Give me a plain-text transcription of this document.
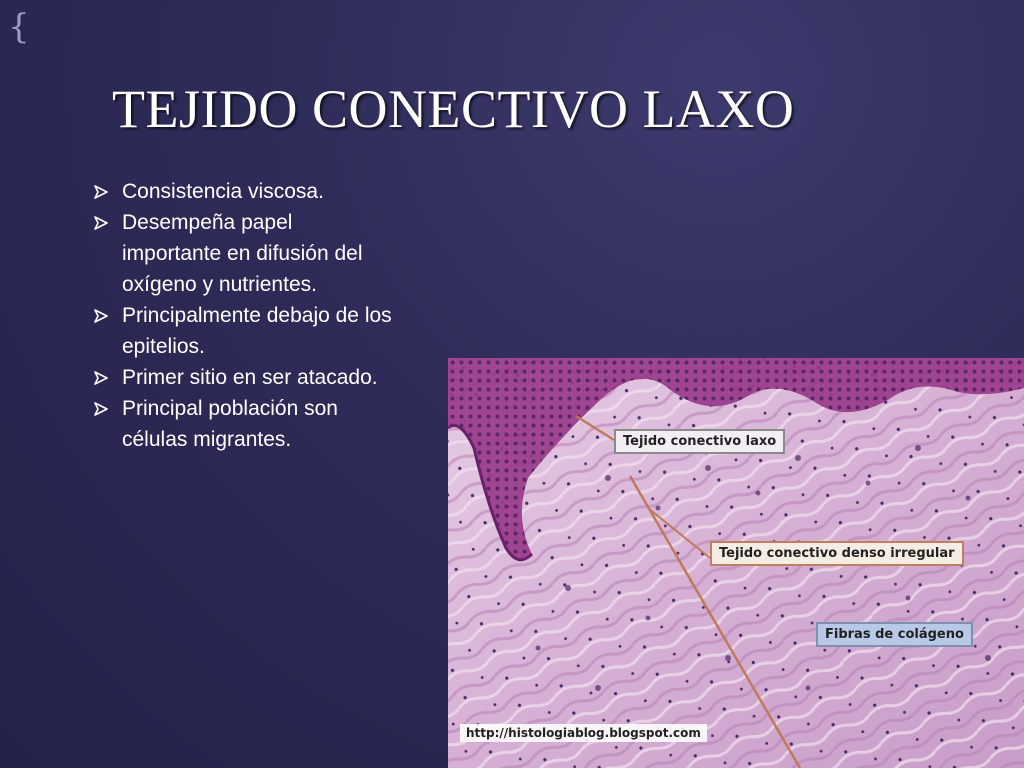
{
TEJIDO CONECTIVO LAXO
Consistencia viscosa.
Desempeña papel importante en difusión del oxígeno y nutrientes.
Principalmente debajo de los epitelios.
Primer sitio en ser atacado.
Principal población son células migrantes.	Tejido conectivo laxo
Tejido conectivo denso irregular
Fibras de colágeno
http://histologiablog.blogspot.com
